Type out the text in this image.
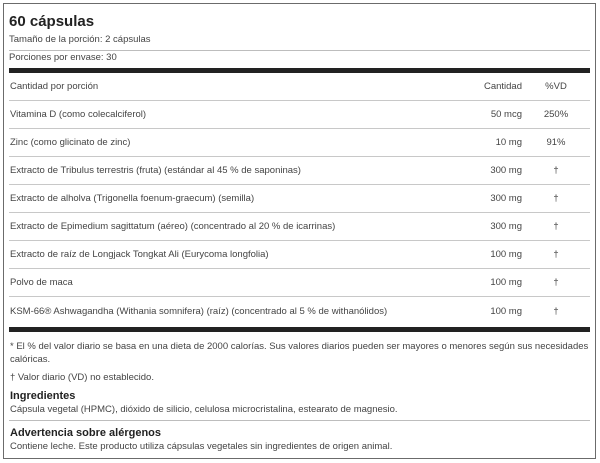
60 cápsulas
Tamaño de la porción: 2 cápsulas
Porciones por envase: 30
Cantidad por porción	Cantidad	%VD
Vitamina D (como colecalciferol)	50 mcg	250%
Zinc (como glicinato de zinc)	10 mg	91%
Extracto de Tribulus terrestris (fruta) (estándar al 45 % de saponinas)	300 mg	†
Extracto de alholva (Trigonella foenum-graecum) (semilla)	300 mg	†
Extracto de Epimedium sagittatum (aéreo) (concentrado al 20 % de icarrinas)	300 mg	†
Extracto de raíz de Longjack Tongkat Ali (Eurycoma longfolia)	100 mg	†
Polvo de maca	100 mg	†
KSM-66® Ashwagandha (Withania somnifera) (raíz) (concentrado al 5 % de withanólidos)	100 mg	†

* El % del valor diario se basa en una dieta de 2000 calorías. Sus valores diarios pueden ser mayores o menores según sus necesidades calóricas.

† Valor diario (VD) no establecido.

Ingredientes
Cápsula vegetal (HPMC), dióxido de silicio, celulosa microcristalina, estearato de magnesio.
Advertencia sobre alérgenos
Contiene leche. Este producto utiliza cápsulas vegetales sin ingredientes de origen animal.
